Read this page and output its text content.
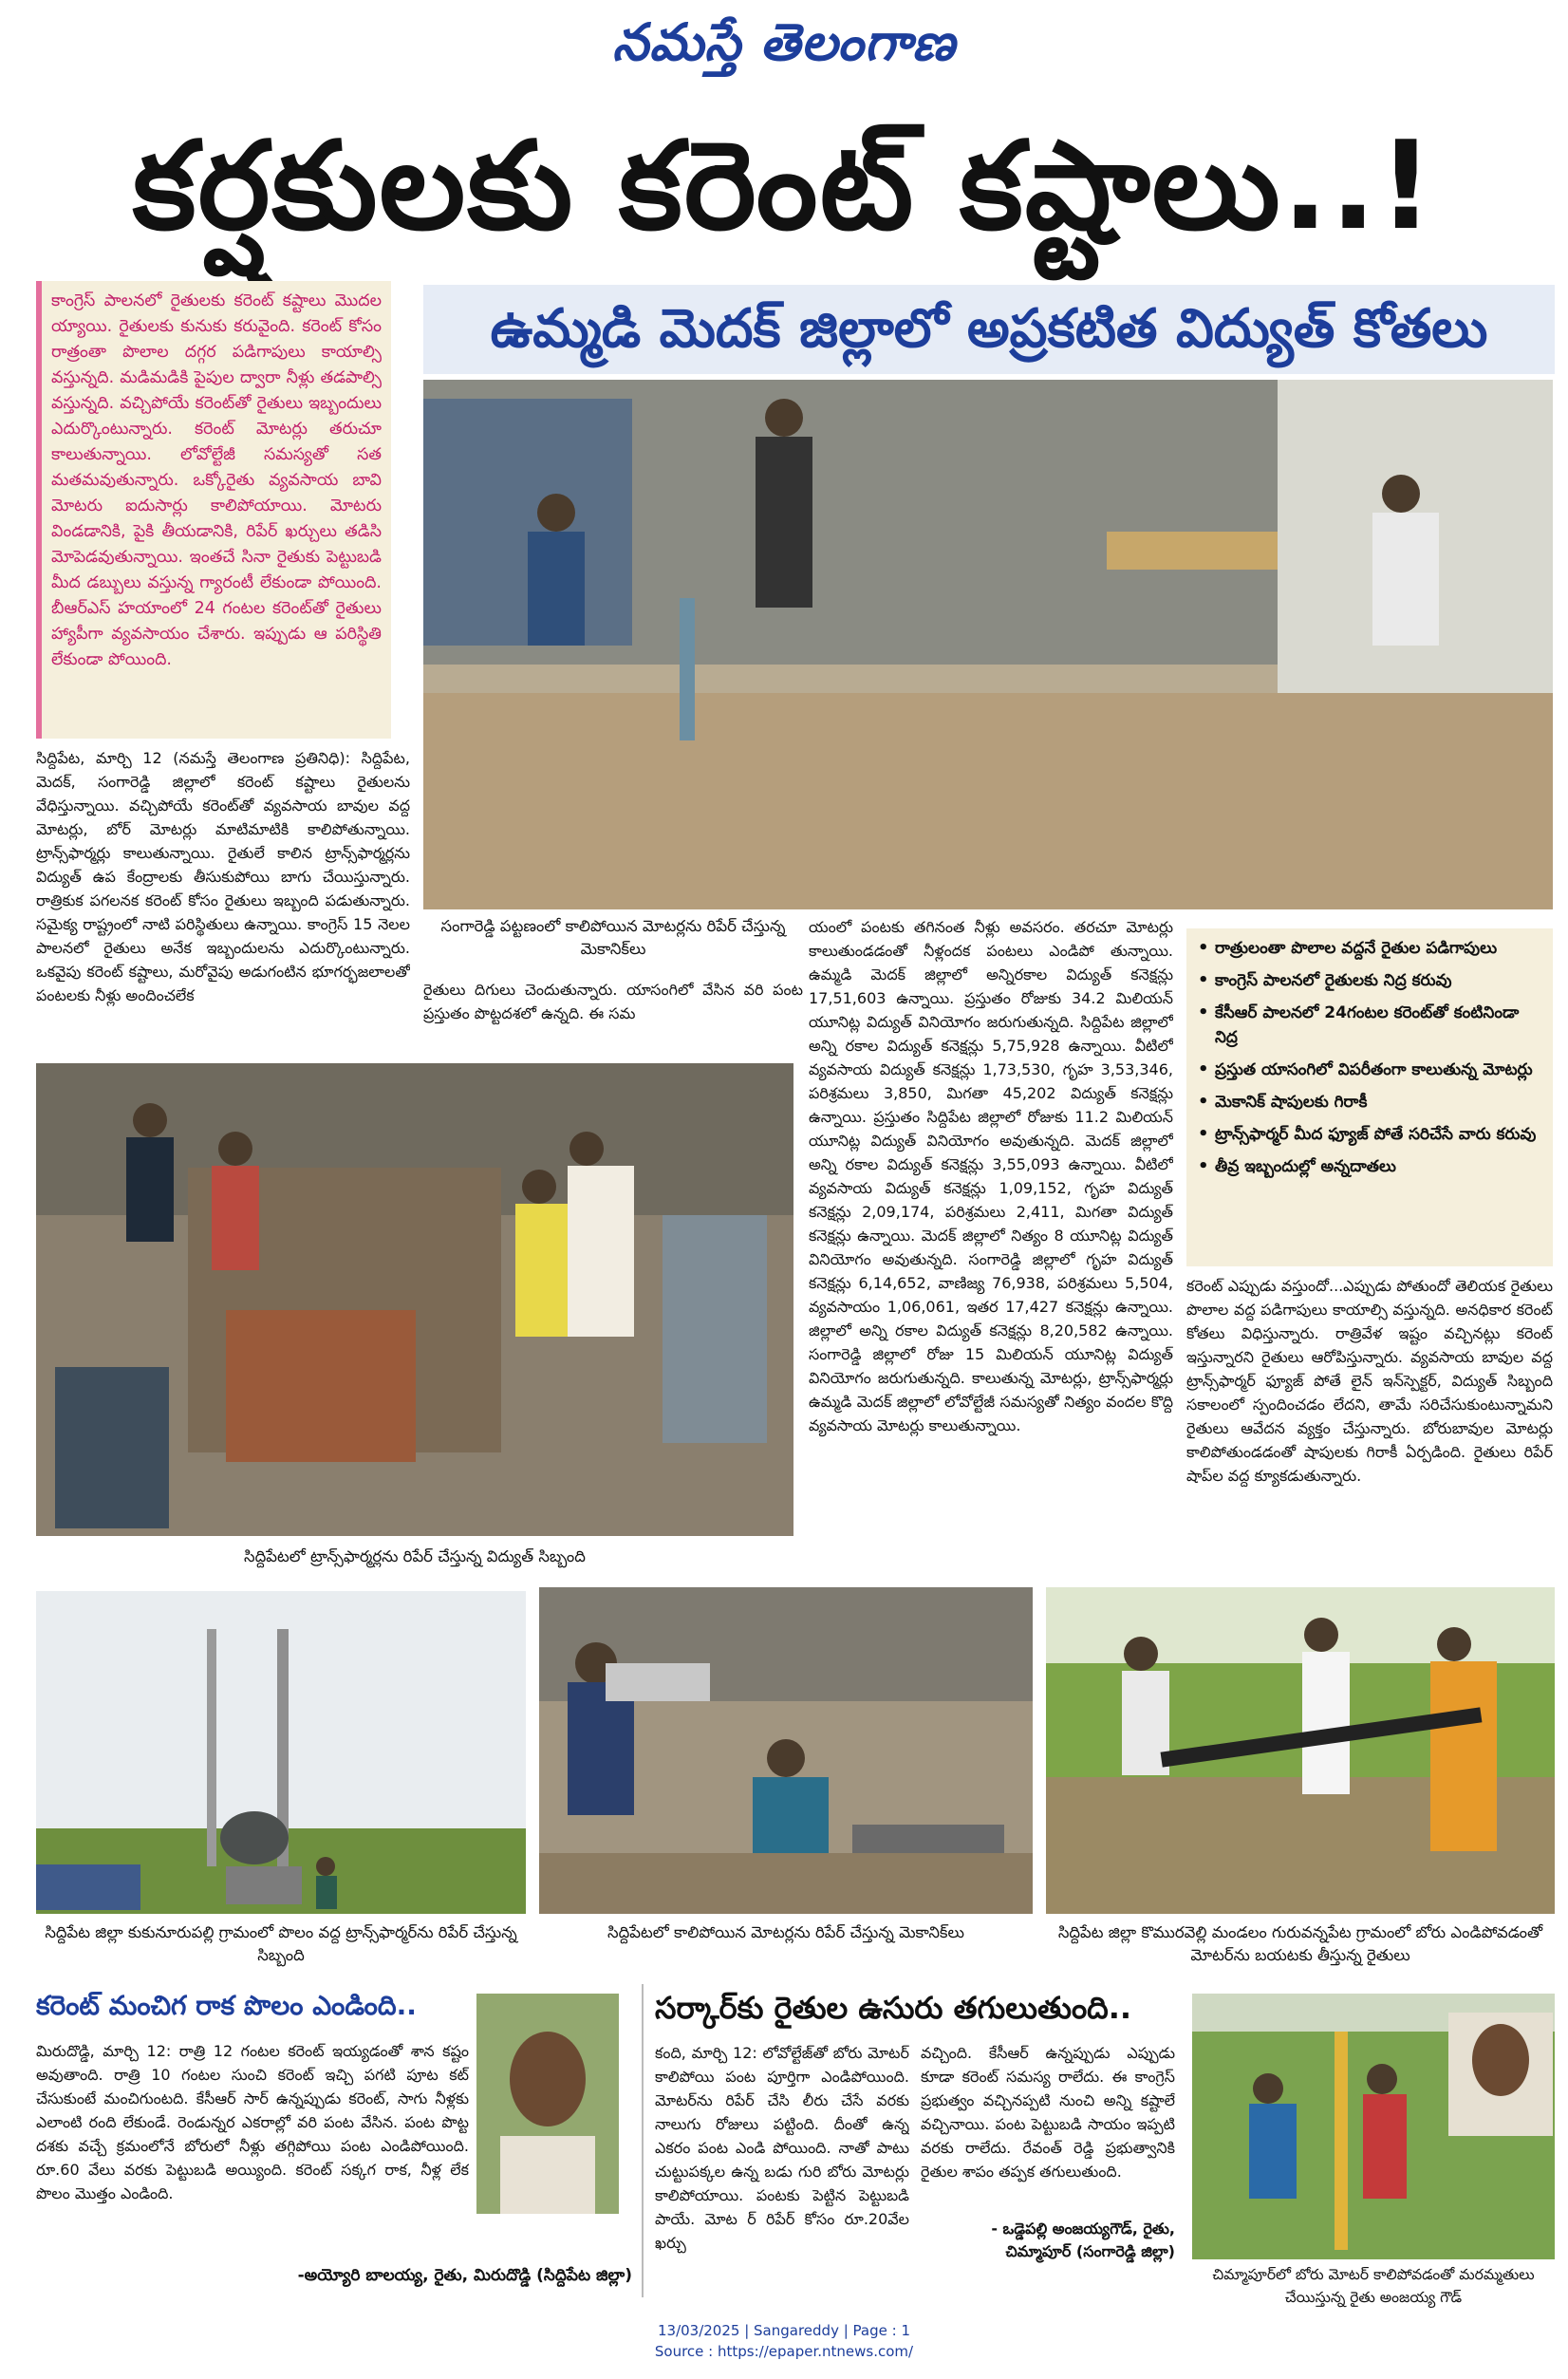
నమస్తే తెలంగాణ
కర్షకులకు కరెంట్ కష్టాలు..!

కాంగ్రెస్ పాలనలో రైతులకు కరెంట్ కష్టాలు మొదల య్యాయి. రైతులకు కునుకు కరువైంది. కరెంట్ కోసం రాత్రంతా పొలాల దగ్గర పడిగాపులు కాయాల్సి వస్తున్నది. మడిమడికి పైపుల ద్వారా నీళ్లు తడపాల్సి వస్తున్నది. వచ్చిపోయే కరెంట్‌తో రైతులు ఇబ్బందులు ఎదుర్కొంటున్నారు. కరెంట్ మోటర్లు తరుచూ కాలుతున్నాయి. లోవోల్టేజీ సమస్యతో సత మతమవుతున్నారు. ఒక్కోరైతు వ్యవసాయ బావి మోటరు ఐదుసార్లు కాలిపోయాయి. మోటరు విండడానికి, పైకి తీయడానికి, రిపేర్ ఖర్చులు తడిసి మోపెడవుతున్నాయి. ఇంతచే సినా రైతుకు పెట్టుబడి మీద డబ్బులు వస్తున్న గ్యారంటీ లేకుండా పోయింది. బీఆర్‌ఎస్ హయాంలో 24 గంటల కరెంట్‌తో రైతులు హ్యాపీగా వ్యవసాయం చేశారు. ఇప్పుడు ఆ పరిస్థితి లేకుండా పోయింది.

ఉమ్మడి మెదక్ జిల్లాలో అప్రకటిత విద్యుత్ కోతలు
సంగారెడ్డి పట్టణంలో కాలిపోయిన మోటర్లను రిపేర్ చేస్తున్న మెకానిక్‌లు

సిద్దిపేట, మార్చి 12 (నమస్తే తెలంగాణ ప్రతినిధి): సిద్దిపేట, మెదక్, సంగారెడ్డి జిల్లాలో కరెంట్ కష్టాలు రైతులను వేధిస్తున్నాయి. వచ్చిపోయే కరెంట్‌తో వ్యవసాయ బావుల వద్ద మోటర్లు, బోర్ మోటర్లు మాటిమాటికి కాలిపోతున్నాయి. ట్రాన్స్‌ఫార్మర్లు కాలుతున్నాయి. రైతులే కాలిన ట్రాన్స్‌ఫార్మర్లను విద్యుత్ ఉప కేంద్రాలకు తీసుకుపోయి బాగు చేయిస్తున్నారు. రాత్రికుక పగలనక కరెంట్ కోసం రైతులు ఇబ్బంది పడుతున్నారు. సమైక్య రాష్ట్రంలో నాటి పరిస్థితులు ఉన్నాయి. కాంగ్రెస్ 15 నెలల పాలనలో రైతులు అనేక ఇబ్బందులను ఎదుర్కొంటున్నారు. ఒకవైపు కరెంట్ కష్టాలు, మరోవైపు అడుగంటిన భూగర్భజలాలతో పంటలకు నీళ్లు అందించలేక	రైతులు దిగులు చెందుతున్నారు. యాసంగిలో వేసిన వరి పంట ప్రస్తుతం పొట్టదశలో ఉన్నది. ఈ సమ

యంలో పంటకు తగినంత నీళ్లు అవసరం. తరచూ మోటర్లు కాలుతుండడంతో నీళ్లందక పంటలు ఎండిపో తున్నాయి. ఉమ్మడి మెదక్ జిల్లాలో అన్నిరకాల విద్యుత్ కనెక్షన్లు 17,51,603 ఉన్నాయి. ప్రస్తుతం రోజుకు 34.2 మిలియన్ యూనిట్ల విద్యుత్ వినియోగం జరుగుతున్నది. సిద్దిపేట జిల్లాలో అన్ని రకాల విద్యుత్ కనెక్షన్లు 5,75,928 ఉన్నాయి. వీటిలో వ్యవసాయ విద్యుత్ కనెక్షన్లు 1,73,530, గృహ 3,53,346, పరిశ్రమలు 3,850, మిగతా 45,202 విద్యుత్ కనెక్షన్లు ఉన్నాయి. ప్రస్తుతం సిద్దిపేట జిల్లాలో రోజుకు 11.2 మిలియన్ యూనిట్ల విద్యుత్ వినియోగం అవుతున్నది. మెదక్ జిల్లాలో అన్ని రకాల విద్యుత్ కనెక్షన్లు 3,55,093 ఉన్నాయి. వీటిలో వ్యవసాయ విద్యుత్ కనెక్షన్లు 1,09,152, గృహ విద్యుత్ కనెక్షన్లు 2,09,174, పరిశ్రమలు 2,411, మిగతా విద్యుత్ కనెక్షన్లు ఉన్నాయి. మెదక్ జిల్లాలో నిత్యం 8 యూనిట్ల విద్యుత్ వినియోగం అవుతున్నది. సంగారెడ్డి జిల్లాలో గృహ విద్యుత్ కనెక్షన్లు 6,14,652, వాణిజ్య 76,938, పరిశ్రమలు 5,504, వ్యవసాయం 1,06,061, ఇతర 17,427 కనెక్షన్లు ఉన్నాయి. జిల్లాలో అన్ని రకాల విద్యుత్ కనెక్షన్లు 8,20,582 ఉన్నాయి. సంగారెడ్డి జిల్లాలో రోజు 15 మిలియన్ యూనిట్ల విద్యుత్ వినియోగం జరుగుతున్నది. కాలుతున్న మోటర్లు, ట్రాన్స్‌ఫార్మర్లు ఉమ్మడి మెదక్ జిల్లాలో లోవోల్టేజీ సమస్యతో నిత్యం వందల కొద్ది వ్యవసాయ మోటర్లు కాలుతున్నాయి.

• రాత్రులంతా పొలాల వద్దనే రైతుల పడిగాపులు
• కాంగ్రెస్ పాలనలో రైతులకు నిద్ర కరువు
• కేసీఆర్ పాలనలో 24గంటల కరెంట్‌తో కంటినిండా నిద్ర
• ప్రస్తుత యాసంగిలో విపరీతంగా కాలుతున్న మోటర్లు
• మెకానిక్ షాపులకు గిరాకీ
• ట్రాన్స్‌ఫార్మర్ మీద ఫ్యూజ్ పోతే సరిచేసే వారు కరువు
• తీవ్ర ఇబ్బందుల్లో అన్నదాతలు

కరెంట్ ఎప్పుడు వస్తుందో...ఎప్పుడు పోతుందో తెలియక రైతులు పొలాల వద్ద పడిగాపులు కాయాల్సి వస్తున్నది. అనధికార కరెంట్ కోతలు విధిస్తున్నారు. రాత్రివేళ ఇష్టం వచ్చినట్లు కరెంట్ ఇస్తున్నారని రైతులు ఆరోపిస్తున్నారు. వ్యవసాయ బావుల వద్ద ట్రాన్స్‌ఫార్మర్ ఫ్యూజ్ పోతే లైన్ ఇన్‌స్పెక్టర్, విద్యుత్ సిబ్బంది సకాలంలో స్పందించడం లేదని, తామే సరిచేసుకుంటున్నామని రైతులు ఆవేదన వ్యక్తం చేస్తున్నారు. బోరుబావుల మోటర్లు కాలిపోతుండడంతో షాపులకు గిరాకీ ఏర్పడింది. రైతులు రిపేర్ షాప్‌ల వద్ద క్యూకడుతున్నారు.

సిద్దిపేటలో ట్రాన్స్‌ఫార్మర్లను రిపేర్ చేస్తున్న విద్యుత్ సిబ్బంది
సిద్దిపేట జిల్లా కుకునూరుపల్లి గ్రామంలో పొలం వద్ద ట్రాన్స్‌ఫార్మర్‌ను రిపేర్ చేస్తున్న సిబ్బంది
సిద్దిపేటలో కాలిపోయిన మోటర్లను రిపేర్ చేస్తున్న మెకానిక్‌లు	సిద్దిపేట జిల్లా కొమురవెల్లి మండలం గురువన్నపేట గ్రామంలో బోరు ఎండిపోవడంతో మోటర్‌ను బయటకు తీస్తున్న రైతులు
కరెంట్ మంచిగ రాక పొలం ఎండింది..

మిరుదొడ్డి, మార్చి 12: రాత్రి 12 గంటల కరెంట్ ఇయ్యడంతో శాన కష్టం అవుతాంది. రాత్రి 10 గంటల సుంచి కరెంట్ ఇచ్చి పగటి పూట కట్ చేసుకుంటే మంచిగుంటది. కేసీఆర్ సార్ ఉన్నప్పుడు కరెంట్, సాగు నీళ్లకు ఎలాంటి రంది లేకుండే. రెండున్నర ఎకరాల్లో వరి పంట వేసిన. పంట పొట్ట దశకు వచ్చే క్రమంలోనే బోరులో నీళ్లు తగ్గిపోయి పంట ఎండిపోయింది. రూ.60 వేలు వరకు పెట్టుబడి అయ్యింది. కరెంట్ సక్కగ రాక, నీళ్ల లేక పొలం మొత్తం ఎండింది.

-అయ్యోరి బాలయ్య, రైతు, మిరుదొడ్డి (సిద్దిపేట జిల్లా)
సర్కార్‌కు రైతుల ఉసురు తగులుతుంది..

కంది, మార్చి 12: లోవోల్టేజ్‌తో బోరు మోటర్ కాలిపోయి పంట పూర్తిగా ఎండిపోయింది. మోటర్‌ను రిపేర్ చేసి లీరు చేసే వరకు నాలుగు రోజులు పట్టింది. దీంతో ఉన్న ఎకరం పంట ఎండి పోయింది. నాతో పాటు చుట్టుపక్కల ఉన్న బడు గురి బోరు మోటర్లు కాలిపోయాయి. పంటకు పెట్టిన పెట్టుబడి పాయే. మోట ర్ రిపేర్ కోసం రూ.20వేల ఖర్చు

వచ్చింది. కేసీఆర్ ఉన్నప్పుడు ఎప్పుడు కూడా కరెంట్ సమస్య రాలేదు. ఈ కాంగ్రెస్ ప్రభుత్వం వచ్చినప్పటి నుంచి అన్ని కష్టాలే వచ్చినాయి. పంట పెట్టుబడి సాయం ఇప్పటి వరకు రాలేదు. రేవంత్ రెడ్డి ప్రభుత్వానికి రైతుల శాపం తప్పక తగులుతుంది.

- ఒడ్డెపల్లి అంజయ్యగౌడ్, రైతు, చిమ్మాపూర్ (సంగారెడ్డి జిల్లా)
చిమ్మాపూర్‌లో బోరు మోటర్ కాలిపోవడంతో మరమ్మతులు చేయిస్తున్న రైతు అంజయ్య గౌడ్
13/03/2025 | Sangareddy | Page : 1
Source : https://epaper.ntnews.com/
